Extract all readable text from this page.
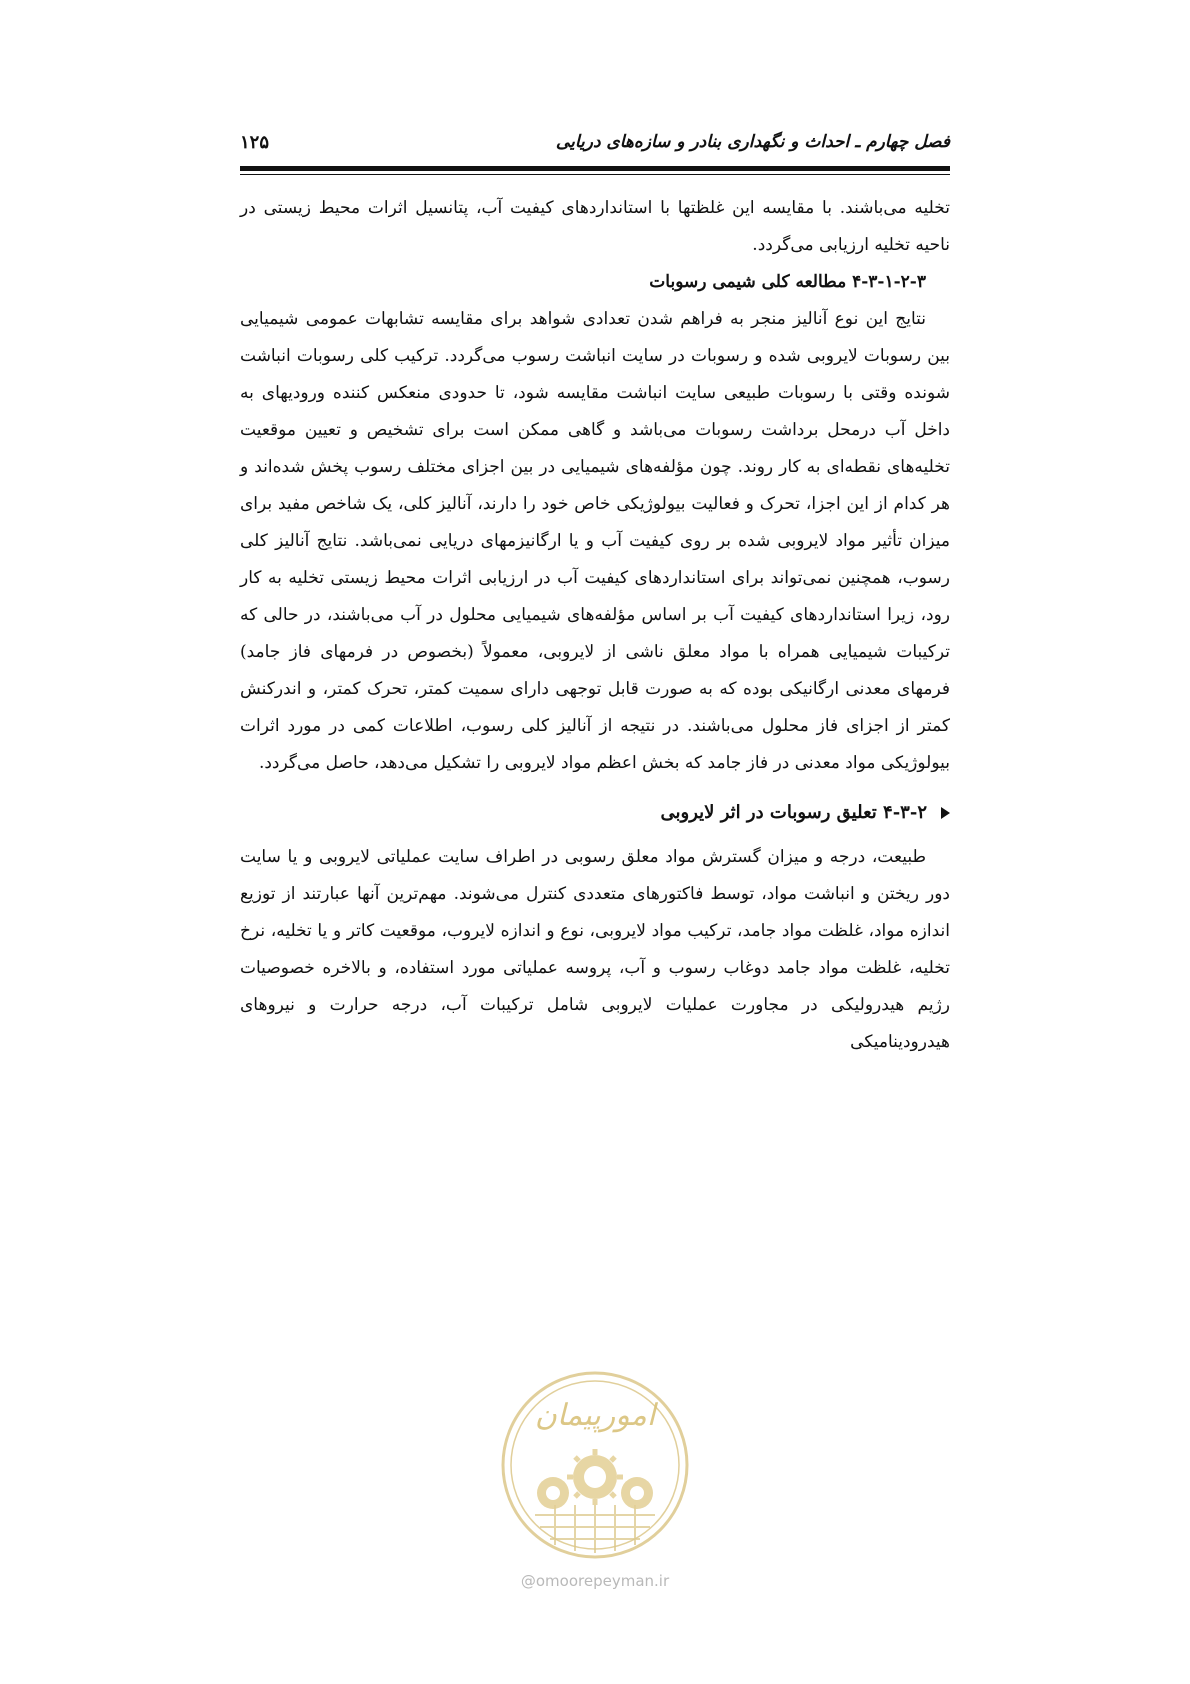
فصل چهارم ـ احداث و نگهداری بنادر و سازه‌های دریایی
۱۲۵

تخلیه می‌باشند. با مقایسه این غلظتها با استانداردهای کیفیت آب، پتانسیل اثرات محیط زیستی در ناحیه تخلیه ارزیابی می‌گردد.

۴-۳-۱-۲-۳ مطالعه کلی شیمی رسوبات

نتایج این نوع آنالیز منجر به فراهم شدن تعدادی شواهد برای مقایسه تشابهات عمومی شیمیایی بین رسوبات لایروبی شده و رسوبات در سایت انباشت رسوب می‌گردد. ترکیب کلی رسوبات انباشت شونده وقتی با رسوبات طبیعی سایت انباشت مقایسه شود، تا حدودی منعکس کننده ورودیهای به داخل آب درمحل برداشت رسوبات می‌باشد و گاهی ممکن است برای تشخیص و تعیین موقعیت تخلیه‌های نقطه‌ای به کار روند. چون مؤلفه‌های شیمیایی در بین اجزای مختلف رسوب پخش شده‌اند و هر کدام از این اجزا، تحرک و فعالیت بیولوژیکی خاص خود را دارند، آنالیز کلی، یک شاخص مفید برای میزان تأثیر مواد لایروبی شده بر روی کیفیت آب و یا ارگانیزمهای دریایی نمی‌باشد. نتایج آنالیز کلی رسوب، همچنین نمی‌تواند برای استانداردهای کیفیت آب در ارزیابی اثرات محیط زیستی تخلیه به کار رود، زیرا استانداردهای کیفیت آب بر اساس مؤلفه‌های شیمیایی محلول در آب می‌باشند، در حالی که ترکیبات شیمیایی همراه با مواد معلق ناشی از لایروبی، معمولاً (بخصوص در فرمهای فاز جامد) فرمهای معدنی ارگانیکی بوده که به صورت قابل توجهی دارای سمیت کمتر، تحرک کمتر، و اندرکنش کمتر از اجزای فاز محلول می‌باشند. در نتیجه از آنالیز کلی رسوب، اطلاعات کمی در مورد اثرات بیولوژیکی مواد معدنی در فاز جامد که بخش اعظم مواد لایروبی را تشکیل می‌دهد، حاصل می‌گردد.

۴-۳-۲ تعلیق رسوبات در اثر لایروبی

طبیعت، درجه و میزان گسترش مواد معلق رسوبی در اطراف سایت عملیاتی لایروبی و یا سایت دور ریختن و انباشت مواد، توسط فاکتورهای متعددی کنترل می‌شوند. مهم‌ترین آنها عبارتند از توزیع اندازه مواد، غلظت مواد جامد، ترکیب مواد لایروبی، نوع و اندازه لایروب، موقعیت کاتر و یا تخلیه، نرخ تخلیه، غلظت مواد جامد دوغاب رسوب و آب، پروسه عملیاتی مورد استفاده، و بالاخره خصوصیات رژیم هیدرولیکی در مجاورت عملیات لایروبی شامل ترکیبات آب، درجه حرارت و نیروهای هیدرودینامیکی

امورپیمان
@omoorepeyman.ir
